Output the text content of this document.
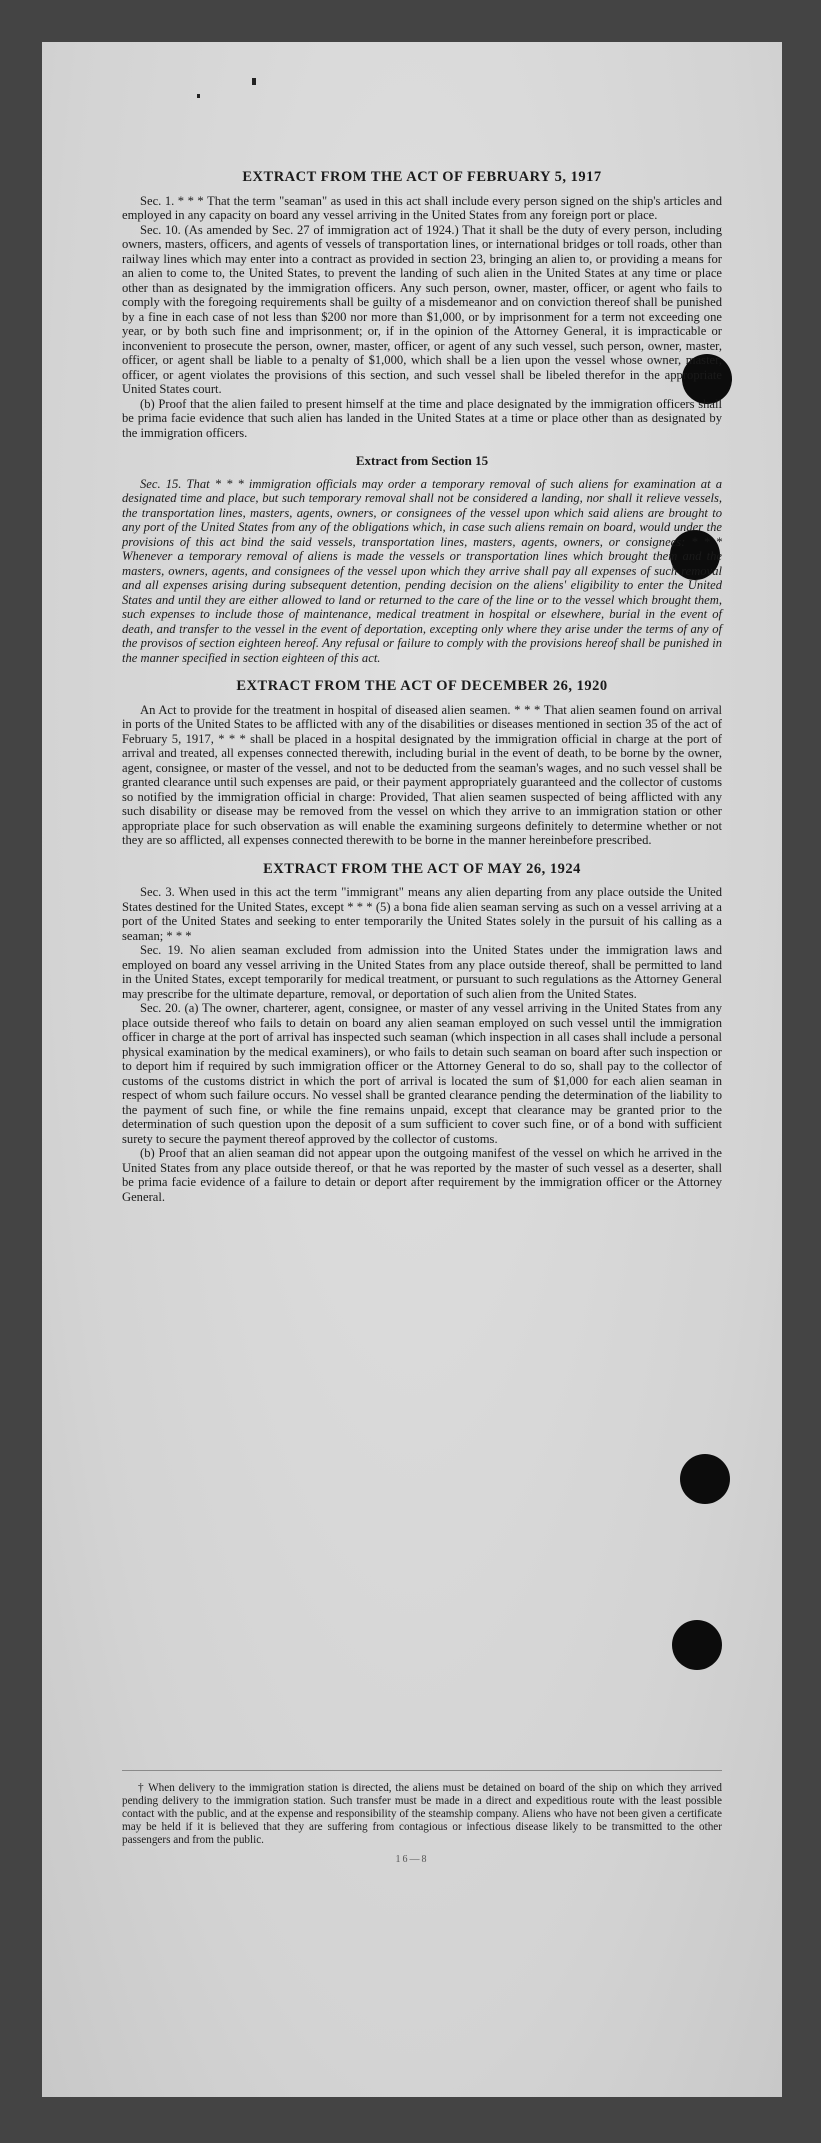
EXTRACT FROM THE ACT OF FEBRUARY 5, 1917

Sec. 1. * * * That the term "seaman" as used in this act shall include every person signed on the ship's articles and employed in any capacity on board any vessel arriving in the United States from any foreign port or place.

Sec. 10. (As amended by Sec. 27 of immigration act of 1924.) That it shall be the duty of every person, including owners, masters, officers, and agents of vessels of transportation lines, or international bridges or toll roads, other than railway lines which may enter into a contract as provided in section 23, bringing an alien to, or providing a means for an alien to come to, the United States, to prevent the landing of such alien in the United States at any time or place other than as designated by the immigration officers. Any such person, owner, master, officer, or agent who fails to comply with the foregoing requirements shall be guilty of a misdemeanor and on conviction thereof shall be punished by a fine in each case of not less than $200 nor more than $1,000, or by imprisonment for a term not exceeding one year, or by both such fine and imprisonment; or, if in the opinion of the Attorney General, it is impracticable or inconvenient to prosecute the person, owner, master, officer, or agent of any such vessel, such person, owner, master, officer, or agent shall be liable to a penalty of $1,000, which shall be a lien upon the vessel whose owner, master, officer, or agent violates the provisions of this section, and such vessel shall be libeled therefor in the appropriate United States court.

(b) Proof that the alien failed to present himself at the time and place designated by the immigration officers shall be prima facie evidence that such alien has landed in the United States at a time or place other than as designated by the immigration officers.

Extract from Section 15

Sec. 15. That * * * immigration officials may order a temporary removal of such aliens for examination at a designated time and place, but such temporary removal shall not be considered a landing, nor shall it relieve vessels, the transportation lines, masters, agents, owners, or consignees of the vessel upon which said aliens are brought to any port of the United States from any of the obligations which, in case such aliens remain on board, would under the provisions of this act bind the said vessels, transportation lines, masters, agents, owners, or consignees: * * * Whenever a temporary removal of aliens is made the vessels or transportation lines which brought them and the masters, owners, agents, and consignees of the vessel upon which they arrive shall pay all expenses of such removal and all expenses arising during subsequent detention, pending decision on the aliens' eligibility to enter the United States and until they are either allowed to land or returned to the care of the line or to the vessel which brought them, such expenses to include those of maintenance, medical treatment in hospital or elsewhere, burial in the event of death, and transfer to the vessel in the event of deportation, excepting only where they arise under the terms of any of the provisos of section eighteen hereof. Any refusal or failure to comply with the provisions hereof shall be punished in the manner specified in section eighteen of this act.

EXTRACT FROM THE ACT OF DECEMBER 26, 1920

An Act to provide for the treatment in hospital of diseased alien seamen. * * * That alien seamen found on arrival in ports of the United States to be afflicted with any of the disabilities or diseases mentioned in section 35 of the act of February 5, 1917, * * * shall be placed in a hospital designated by the immigration official in charge at the port of arrival and treated, all expenses connected therewith, including burial in the event of death, to be borne by the owner, agent, consignee, or master of the vessel, and not to be deducted from the seaman's wages, and no such vessel shall be granted clearance until such expenses are paid, or their payment appropriately guaranteed and the collector of customs so notified by the immigration official in charge: Provided, That alien seamen suspected of being afflicted with any such disability or disease may be removed from the vessel on which they arrive to an immigration station or other appropriate place for such observation as will enable the examining surgeons definitely to determine whether or not they are so afflicted, all expenses connected therewith to be borne in the manner hereinbefore prescribed.

EXTRACT FROM THE ACT OF MAY 26, 1924

Sec. 3. When used in this act the term "immigrant" means any alien departing from any place outside the United States destined for the United States, except * * * (5) a bona fide alien seaman serving as such on a vessel arriving at a port of the United States and seeking to enter temporarily the United States solely in the pursuit of his calling as a seaman; * * *

Sec. 19. No alien seaman excluded from admission into the United States under the immigration laws and employed on board any vessel arriving in the United States from any place outside thereof, shall be permitted to land in the United States, except temporarily for medical treatment, or pursuant to such regulations as the Attorney General may prescribe for the ultimate departure, removal, or deportation of such alien from the United States.

Sec. 20. (a) The owner, charterer, agent, consignee, or master of any vessel arriving in the United States from any place outside thereof who fails to detain on board any alien seaman employed on such vessel until the immigration officer in charge at the port of arrival has inspected such seaman (which inspection in all cases shall include a personal physical examination by the medical examiners), or who fails to detain such seaman on board after such inspection or to deport him if required by such immigration officer or the Attorney General to do so, shall pay to the collector of customs of the customs district in which the port of arrival is located the sum of $1,000 for each alien seaman in respect of whom such failure occurs. No vessel shall be granted clearance pending the determination of the liability to the payment of such fine, or while the fine remains unpaid, except that clearance may be granted prior to the determination of such question upon the deposit of a sum sufficient to cover such fine, or of a bond with sufficient surety to secure the payment thereof approved by the collector of customs.

(b) Proof that an alien seaman did not appear upon the outgoing manifest of the vessel on which he arrived in the United States from any place outside thereof, or that he was reported by the master of such vessel as a deserter, shall be prima facie evidence of a failure to detain or deport after requirement by the immigration officer or the Attorney General.

† When delivery to the immigration station is directed, the aliens must be detained on board of the ship on which they arrived pending delivery to the immigration station. Such transfer must be made in a direct and expeditious route with the least possible contact with the public, and at the expense and responsibility of the steamship company. Aliens who have not been given a certificate may be held if it is believed that they are suffering from contagious or infectious disease likely to be transmitted to the other passengers and from the public.

16—8
